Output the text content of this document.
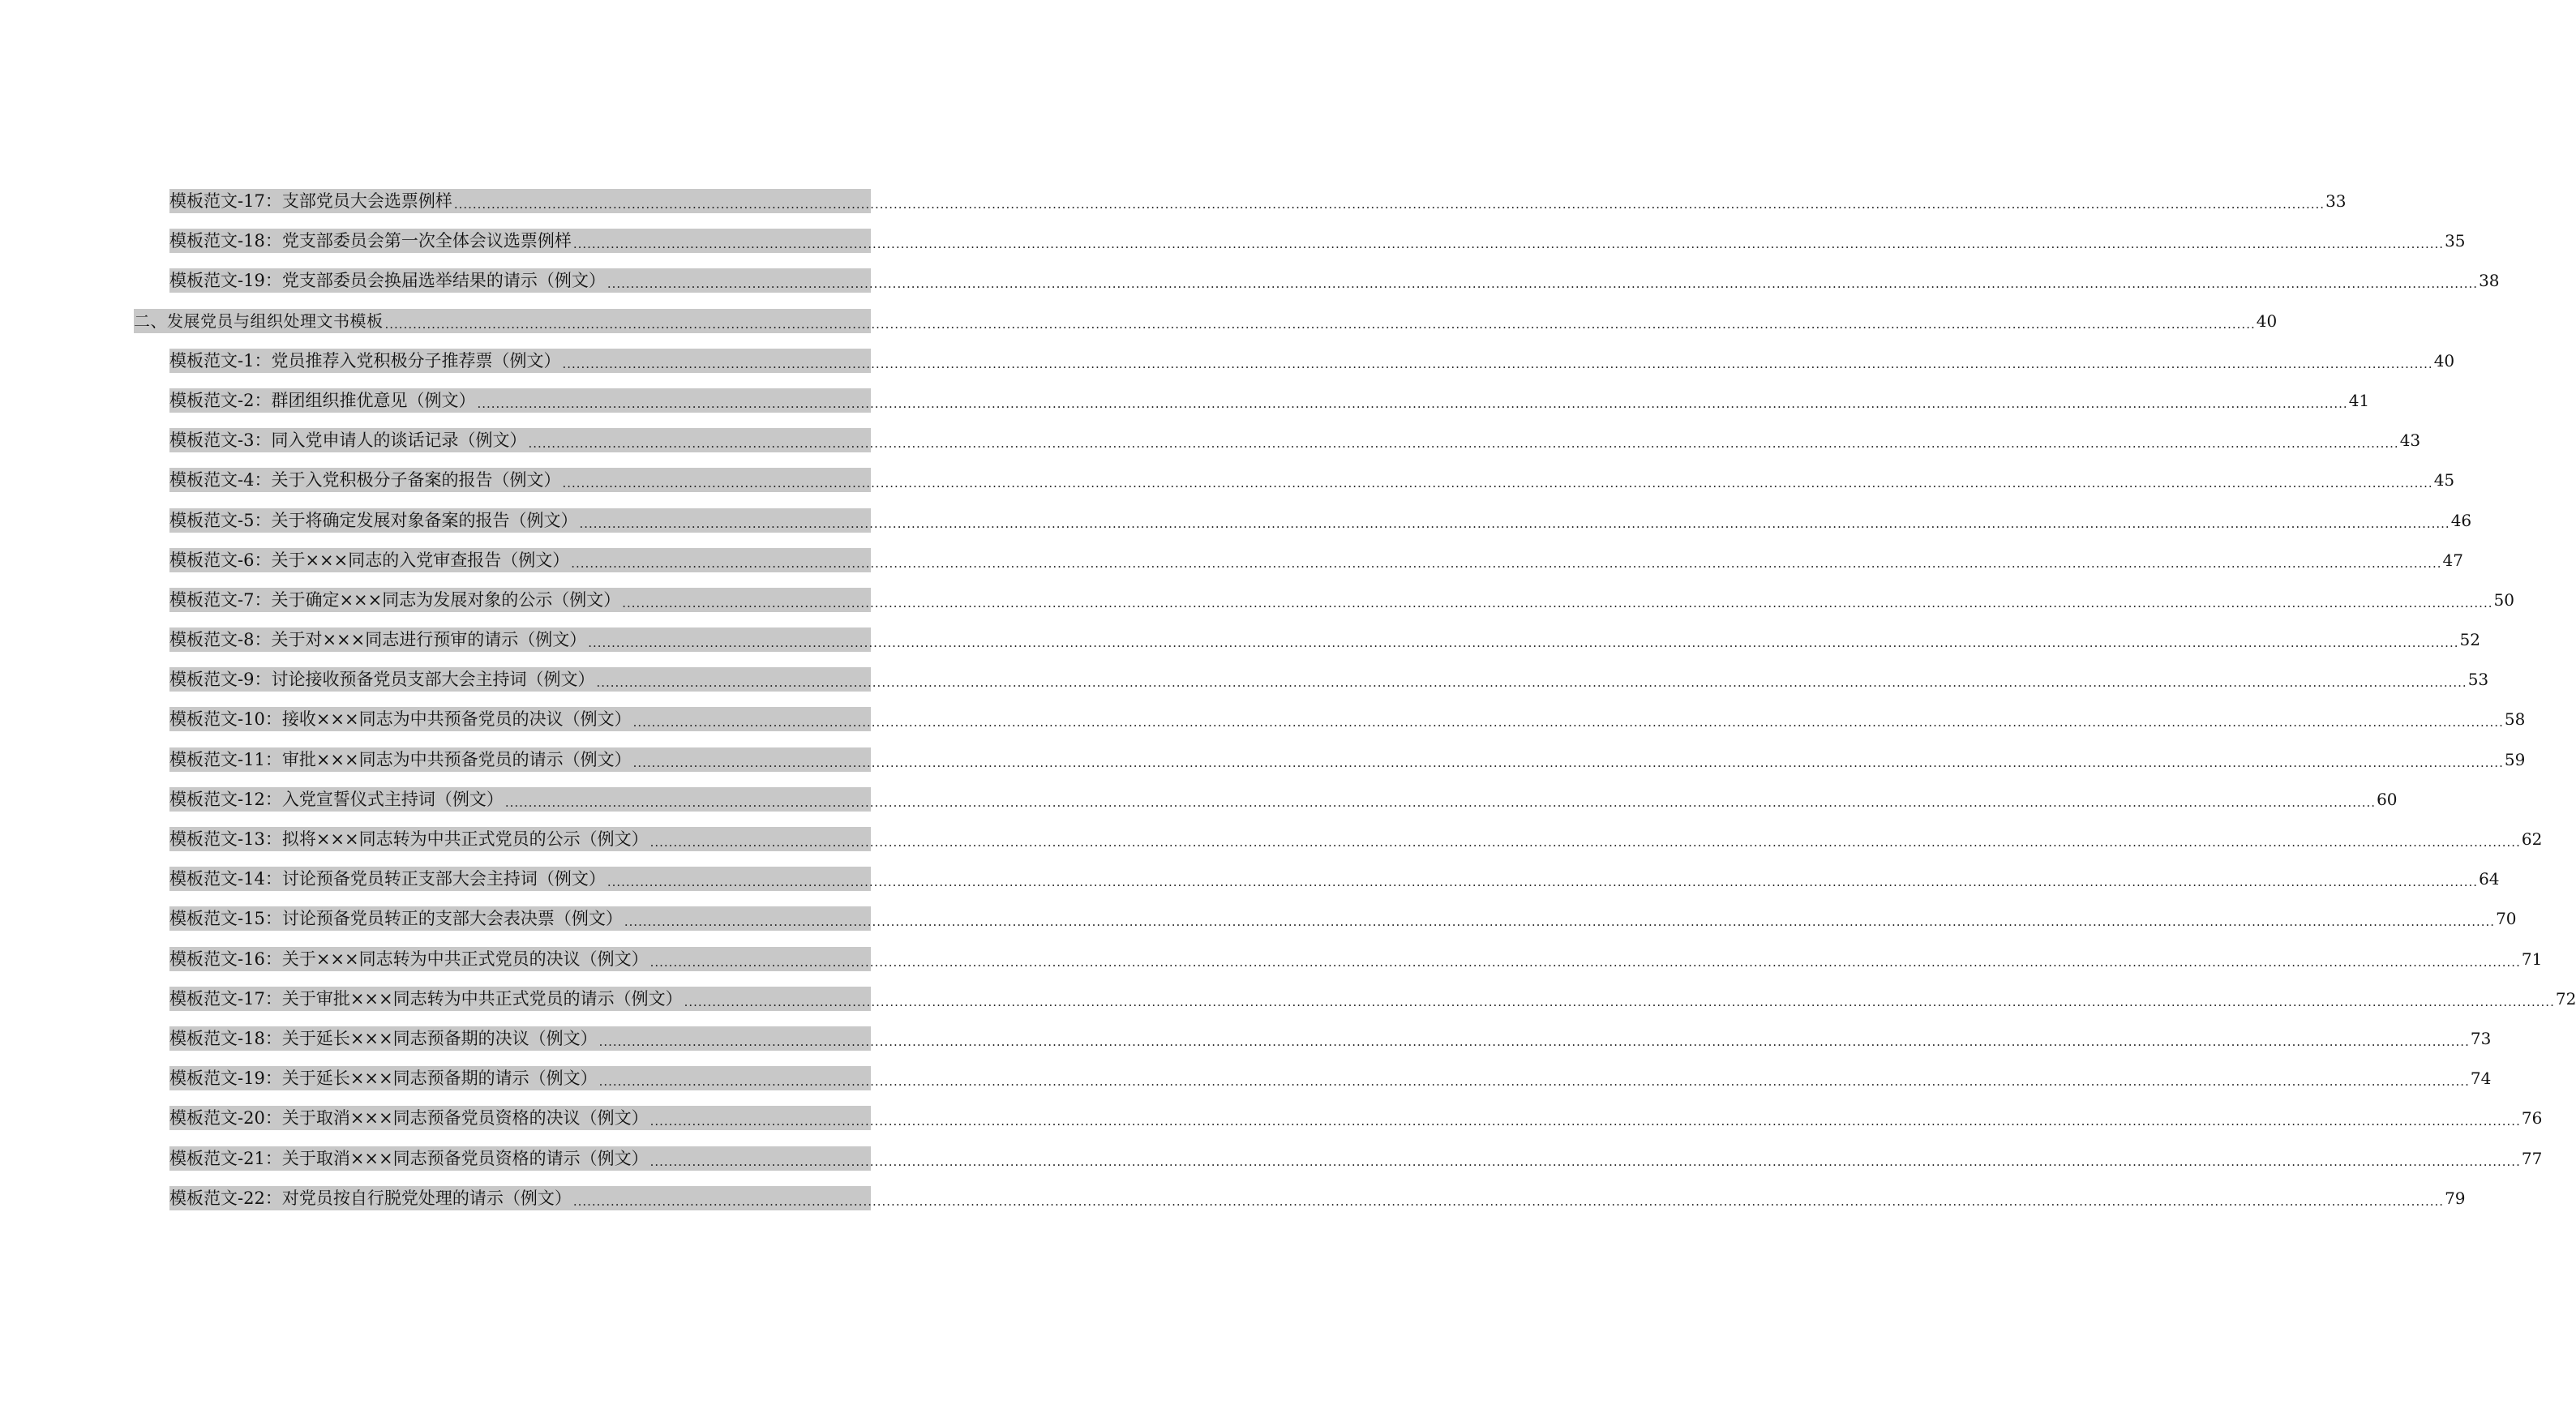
模板范文-17：支部党员大会选票例样 ................................................................................................................................................................................................................................................................................................................................................................................................................ 33
模板范文-18：党支部委员会第一次全体会议选票例样 ................................................................................................................................................................................................................................................................................................................................................................................................................ 35
模板范文-19：党支部委员会换届选举结果的请示（例文） ................................................................................................................................................................................................................................................................................................................................................................................................................ 38
二、发展党员与组织处理文书模板 ................................................................................................................................................................................................................................................................................................................................................................................................................ 40
模板范文-1：党员推荐入党积极分子推荐票（例文） ................................................................................................................................................................................................................................................................................................................................................................................................................ 40
模板范文-2：群团组织推优意见（例文） ................................................................................................................................................................................................................................................................................................................................................................................................................ 41
模板范文-3：同入党申请人的谈话记录（例文） ................................................................................................................................................................................................................................................................................................................................................................................................................ 43
模板范文-4：关于入党积极分子备案的报告（例文） ................................................................................................................................................................................................................................................................................................................................................................................................................ 45
模板范文-5：关于将确定发展对象备案的报告（例文） ................................................................................................................................................................................................................................................................................................................................................................................................................ 46
模板范文-6：关于×××同志的入党审查报告（例文） ................................................................................................................................................................................................................................................................................................................................................................................................................ 47
模板范文-7：关于确定×××同志为发展对象的公示（例文） ................................................................................................................................................................................................................................................................................................................................................................................................................ 50
模板范文-8：关于对×××同志进行预审的请示（例文） ................................................................................................................................................................................................................................................................................................................................................................................................................ 52
模板范文-9：讨论接收预备党员支部大会主持词（例文） ................................................................................................................................................................................................................................................................................................................................................................................................................ 53
模板范文-10：接收×××同志为中共预备党员的决议（例文） ................................................................................................................................................................................................................................................................................................................................................................................................................ 58
模板范文-11：审批×××同志为中共预备党员的请示（例文） ................................................................................................................................................................................................................................................................................................................................................................................................................ 59
模板范文-12：入党宣誓仪式主持词（例文） ................................................................................................................................................................................................................................................................................................................................................................................................................ 60
模板范文-13：拟将×××同志转为中共正式党员的公示（例文） ................................................................................................................................................................................................................................................................................................................................................................................................................ 62
模板范文-14：讨论预备党员转正支部大会主持词（例文） ................................................................................................................................................................................................................................................................................................................................................................................................................ 64
模板范文-15：讨论预备党员转正的支部大会表决票（例文） ................................................................................................................................................................................................................................................................................................................................................................................................................ 70
模板范文-16：关于×××同志转为中共正式党员的决议（例文） ................................................................................................................................................................................................................................................................................................................................................................................................................ 71
模板范文-17：关于审批×××同志转为中共正式党员的请示（例文） ................................................................................................................................................................................................................................................................................................................................................................................................................ 72
模板范文-18：关于延长×××同志预备期的决议（例文） ................................................................................................................................................................................................................................................................................................................................................................................................................ 73
模板范文-19：关于延长×××同志预备期的请示（例文） ................................................................................................................................................................................................................................................................................................................................................................................................................ 74
模板范文-20：关于取消×××同志预备党员资格的决议（例文） ................................................................................................................................................................................................................................................................................................................................................................................................................ 76
模板范文-21：关于取消×××同志预备党员资格的请示（例文） ................................................................................................................................................................................................................................................................................................................................................................................................................ 77
模板范文-22：对党员按自行脱党处理的请示（例文） ................................................................................................................................................................................................................................................................................................................................................................................................................ 79
